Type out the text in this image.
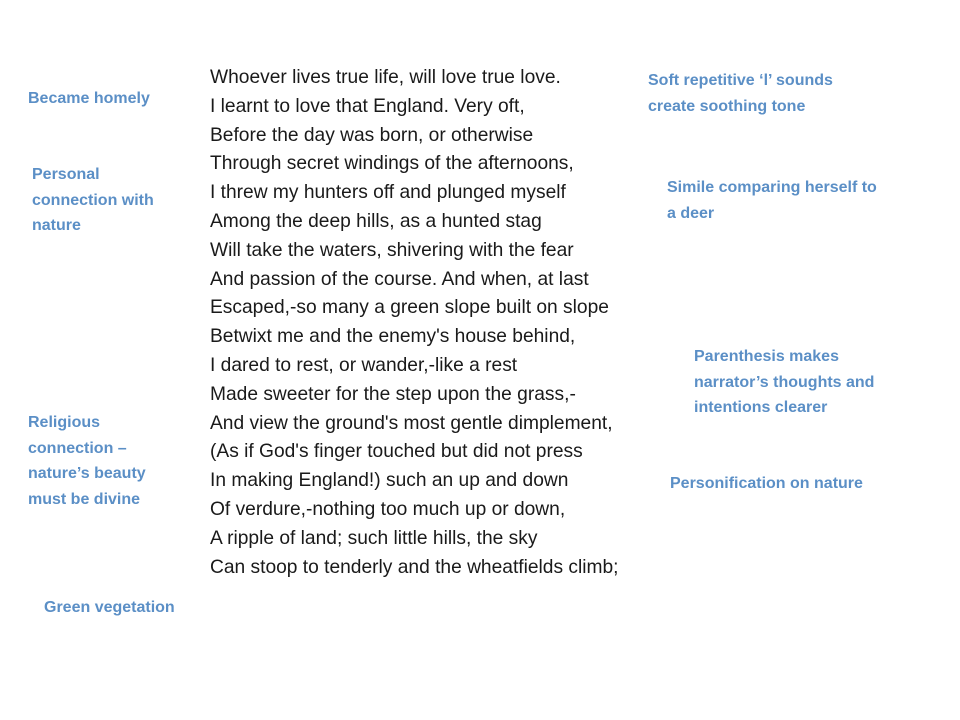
Whoever lives true life, will love true love.
I learnt to love that England. Very oft,
Before the day was born, or otherwise
Through secret windings of the afternoons,
I threw my hunters off and plunged myself
Among the deep hills, as a hunted stag
Will take the waters, shivering with the fear
And passion of the course. And when, at last
Escaped,-so many a green slope built on slope
Betwixt me and the enemy's house behind,
I dared to rest, or wander,-like a rest
Made sweeter for the step upon the grass,-
And view the ground's most gentle dimplement,
(As if God's finger touched but did not press
In making England!) such an up and down
Of verdure,-nothing too much up or down,
A ripple of land; such little hills, the sky
Can stoop to tenderly and the wheatfields climb;
Became homely
Personal
connection with
nature
Religious
connection –
nature’s beauty
must be divine
Green vegetation
Soft repetitive ‘l’ sounds
create soothing tone
Simile comparing herself to
a deer
Parenthesis makes
narrator’s thoughts and
intentions clearer
Personification on nature
